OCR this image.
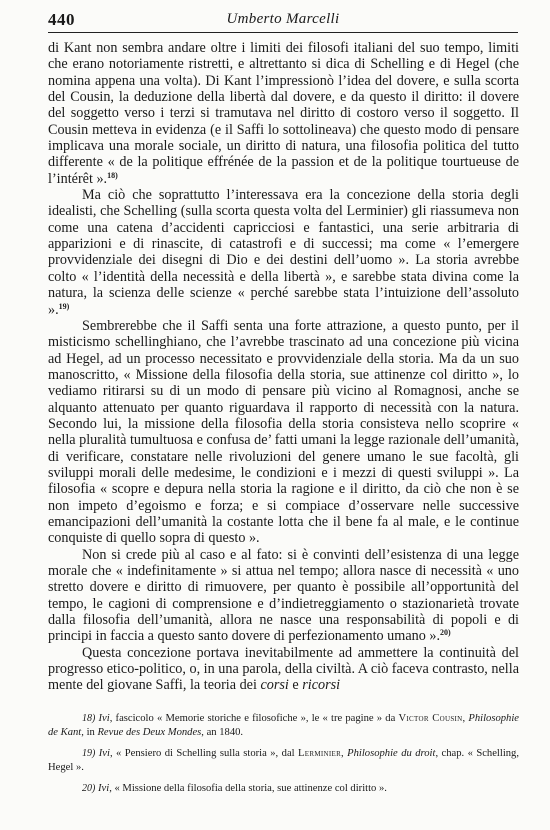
440	Umberto Marcelli

di Kant non sembra andare oltre i limiti dei filosofi italiani del suo tempo, limiti che erano notoriamente ristretti, e altrettanto si dica di Schelling e di Hegel (che nomina appena una volta). Di Kant l’impressionò l’idea del dovere, e sulla scorta del Cousin, la deduzione della libertà dal dovere, e da questo il diritto: il dovere del soggetto verso i terzi si tramutava nel diritto di costoro verso il soggetto. Il Cousin metteva in evidenza (e il Saffi lo sottolineava) che questo modo di pensare implicava una morale sociale, un diritto di natura, una filosofia politica del tutto differente « de la politique effrénée de la passion et de la politique tourtueuse de l’intérêt ».$^{18)}$

Ma ciò che soprattutto l’interessava era la concezione della storia degli idealisti, che Schelling (sulla scorta questa volta del Lerminier) gli riassumeva non come una catena d’accidenti capricciosi e fantastici, una serie arbitraria di apparizioni e di rinascite, di catastrofi e di successi; ma come « l’emergere provvidenziale dei disegni di Dio e dei destini dell’uomo ». La storia avrebbe colto « l’identità della necessità e della libertà », e sarebbe stata divina come la natura, la scienza delle scienze « perché sarebbe stata l’intuizione dell’assoluto ».$^{19)}$

Sembrerebbe che il Saffi senta una forte attrazione, a questo punto, per il misticismo schellinghiano, che l’avrebbe trascinato ad una concezione più vicina ad Hegel, ad un processo necessitato e provvidenziale della storia. Ma da un suo manoscritto, « Missione della filosofia della storia, sue attinenze col diritto », lo vediamo ritirarsi su di un modo di pensare più vicino al Romagnosi, anche se alquanto attenuato per quanto riguardava il rapporto di necessità con la natura. Secondo lui, la missione della filosofia della storia consisteva nello scoprire « nella pluralità tumultuosa e confusa de’ fatti umani la legge razionale dell’umanità, di verificare, constatare nelle rivoluzioni del genere umano le sue facoltà, gli sviluppi morali delle medesime, le condizioni e i mezzi di questi sviluppi ». La filosofia « scopre e depura nella storia la ragione e il diritto, da ciò che non è se non impeto d’egoismo e forza; e si compiace d’osservare nelle successive emancipazioni dell’umanità la costante lotta che il bene fa al male, e le continue conquiste di quello sopra di questo ».

Non si crede più al caso e al fato: si è convinti dell’esistenza di una legge morale che « indefinitamente » si attua nel tempo; allora nasce di necessità « uno stretto dovere e diritto di rimuovere, per quanto è possibile all’opportunità del tempo, le cagioni di comprensione e d’indietreggiamento o stazionarietà trovate dalla filosofia dell’umanità, allora ne nasce una responsabilità di popoli e di principi in faccia a questo santo dovere di perfezionamento umano ».$^{20)}$

Questa concezione portava inevitabilmente ad ammettere la continuità del progresso etico-politico, o, in una parola, della civiltà. A ciò faceva contrasto, nella mente del giovane Saffi, la teoria dei corsi e ricorsi

18) Ivi, fascicolo « Memorie storiche e filosofiche », le « tre pagine » da Victor Cousin, Philosophie de Kant, in Revue des Deux Mondes, an 1840.

19) Ivi, « Pensiero di Schelling sulla storia », dal Lerminier, Philosophie du droit, chap. « Schelling, Hegel ».

20) Ivi, « Missione della filosofia della storia, sue attinenze col diritto ».
